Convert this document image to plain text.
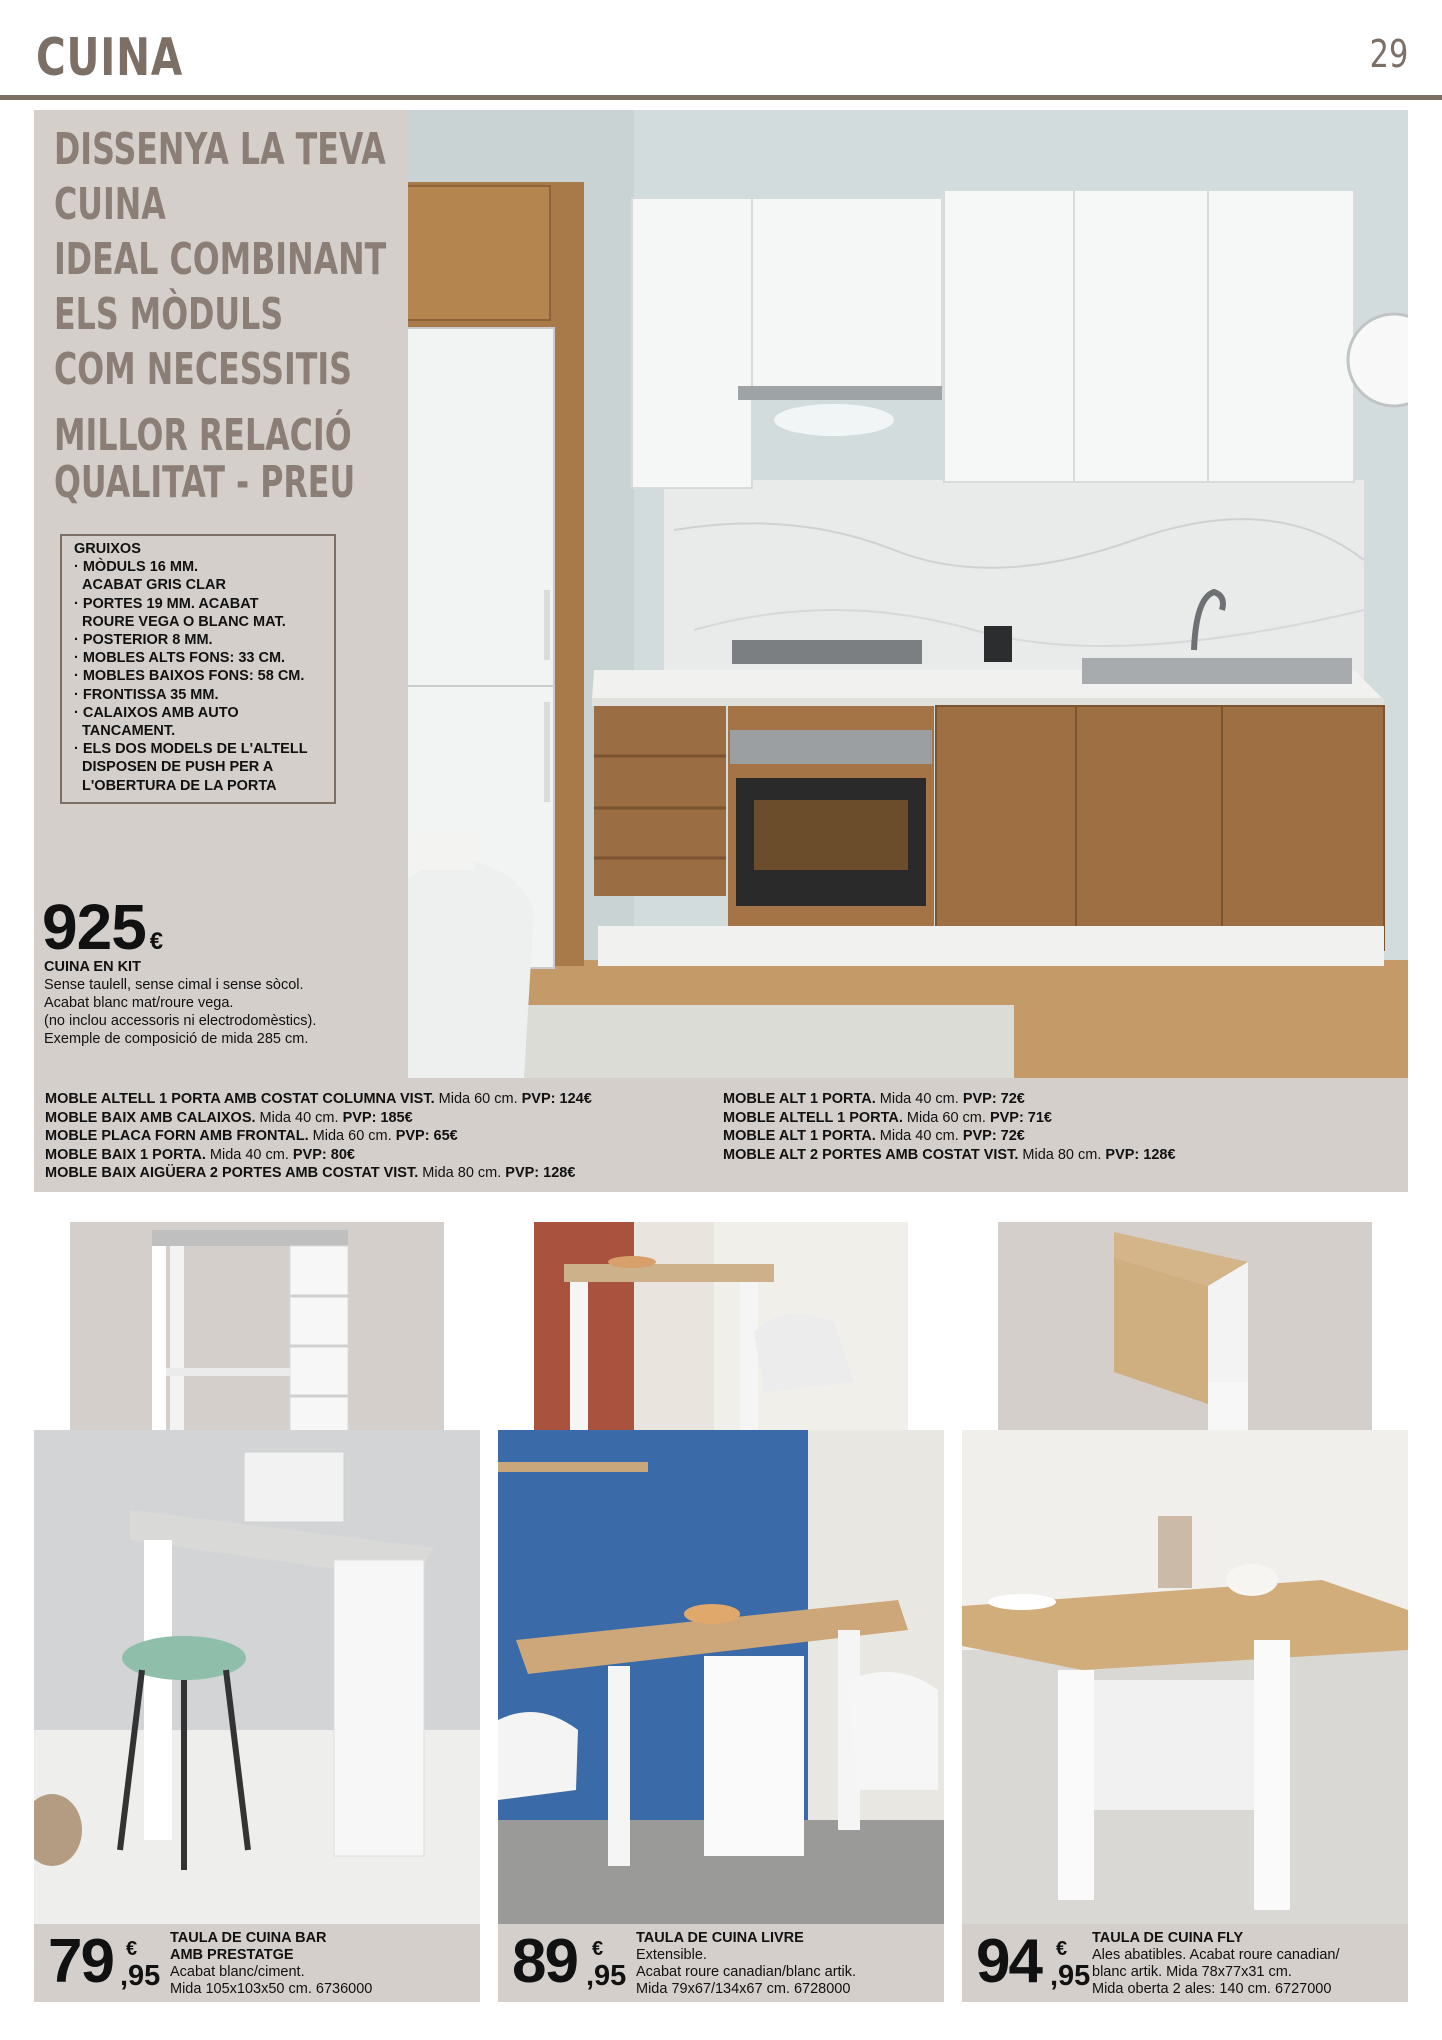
CUINA	29
DISSENYA LA TEVA
CUINA
IDEAL COMBINANT
ELS MÒDULS
COM NECESSITIS
MILLOR RELACIÓ
QUALITAT - PREU
GRUIXOS
· MÒDULS 16 MM.
ACABAT GRIS CLAR
· PORTES 19 MM. ACABAT
ROURE VEGA O BLANC MAT.
· POSTERIOR 8 MM.
· MOBLES ALTS FONS: 33 CM.
· MOBLES BAIXOS FONS: 58 CM.
· FRONTISSA 35 MM.
· CALAIXOS AMB AUTO
TANCAMENT.
· ELS DOS MODELS DE L'ALTELL
DISPOSEN DE PUSH PER A
L'OBERTURA DE LA PORTA
925 €
CUINA EN KIT
Sense taulell, sense cimal i sense sòcol.
Acabat blanc mat/roure vega.
(no inclou accessoris ni electrodomèstics).
Exemple de composició de mida 285 cm.
MOBLE ALTELL 1 PORTA AMB COSTAT COLUMNA VIST. Mida 60 cm. PVP: 124€
MOBLE BAIX AMB CALAIXOS. Mida 40 cm. PVP: 185€
MOBLE PLACA FORN AMB FRONTAL. Mida 60 cm. PVP: 65€
MOBLE BAIX 1 PORTA. Mida 40 cm. PVP: 80€
MOBLE BAIX AIGÜERA 2 PORTES AMB COSTAT VIST. Mida 80 cm. PVP: 128€
MOBLE ALT 1 PORTA. Mida 40 cm. PVP: 72€
MOBLE ALTELL 1 PORTA. Mida 60 cm. PVP: 71€
MOBLE ALT 1 PORTA. Mida 40 cm. PVP: 72€
MOBLE ALT 2 PORTES AMB COSTAT VIST. Mida 80 cm. PVP: 128€
79 €
,95
TAULA DE CUINA BAR
AMB PRESTATGE
Acabat blanc/ciment.
Mida 105x103x50 cm. 6736000 89 €
,95
TAULA DE CUINA LIVRE
Extensible.
Acabat roure canadian/blanc artik.
Mida 79x67/134x67 cm. 6728000 94 €
,95
TAULA DE CUINA FLY
Ales abatibles. Acabat roure canadian/
blanc artik. Mida 78x77x31 cm.
Mida oberta 2 ales: 140 cm. 6727000
